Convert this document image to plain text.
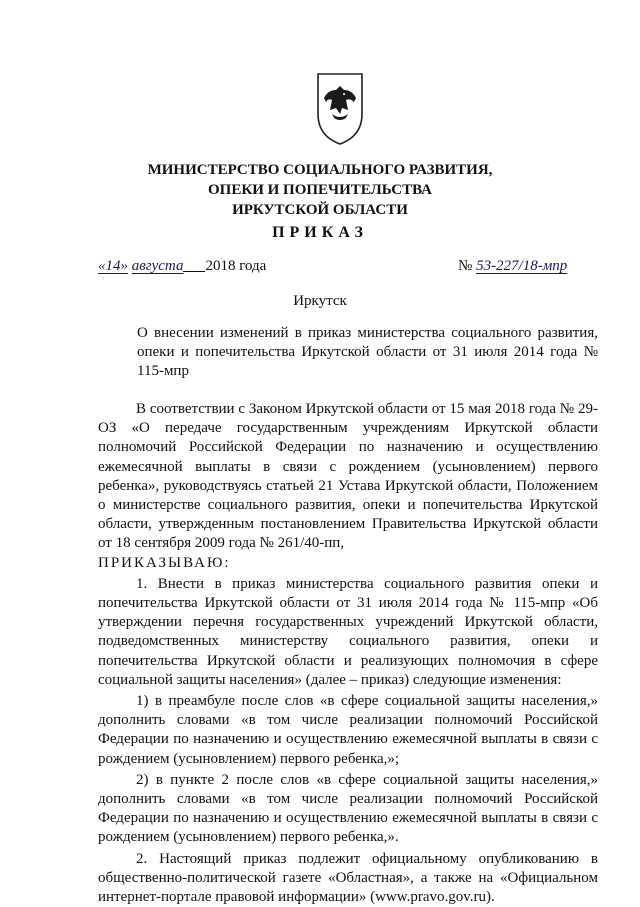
МИНИСТЕРСТВО СОЦИАЛЬНОГО РАЗВИТИЯ,
ОПЕКИ И ПОПЕЧИТЕЛЬСТВА
ИРКУТСКОЙ ОБЛАСТИ
ПРИКАЗ
«14» августа 2018 года	№ 53-227/18-мпр
Иркутск
О внесении изменений в приказ министерства социального развития, опеки и попечительства Иркутской области от 31 июля 2014 года № 115-мпр

В соответствии с Законом Иркутской области от 15 мая 2018 года № 29-ОЗ «О передаче государственным учреждениям Иркутской области полномочий Российской Федерации по назначению и осуществлению ежемесячной выплаты в связи с рождением (усыновлением) первого ребенка», руководствуясь статьей 21 Устава Иркутской области, Положением о министерстве социального развития, опеки и попечительства Иркутской области, утвержденным постановлением Правительства Иркутской области от 18 сентября 2009 года № 261/40-пп,

ПРИКАЗЫВАЮ:

1. Внести в приказ министерства социального развития опеки и попечительства Иркутской области от 31 июля 2014 года № 115-мпр «Об утверждении перечня государственных учреждений Иркутской области, подведомственных министерству социального развития, опеки и попечительства Иркутской области и реализующих полномочия в сфере социальной защиты населения» (далее – приказ) следующие изменения:

1) в преамбуле после слов «в сфере социальной защиты населения,» дополнить словами «в том числе реализации полномочий Российской Федерации по назначению и осуществлению ежемесячной выплаты в связи с рождением (усыновлением) первого ребенка,»;

2) в пункте 2 после слов «в сфере социальной защиты населения,» дополнить словами «в том числе реализации полномочий Российской Федерации по назначению и осуществлению ежемесячной выплаты в связи с рождением (усыновлением) первого ребенка,».

2. Настоящий приказ подлежит официальному опубликованию в общественно-политической газете «Областная», а также на «Официальном интернет-портале правовой информации» (www.pravo.gov.ru).
